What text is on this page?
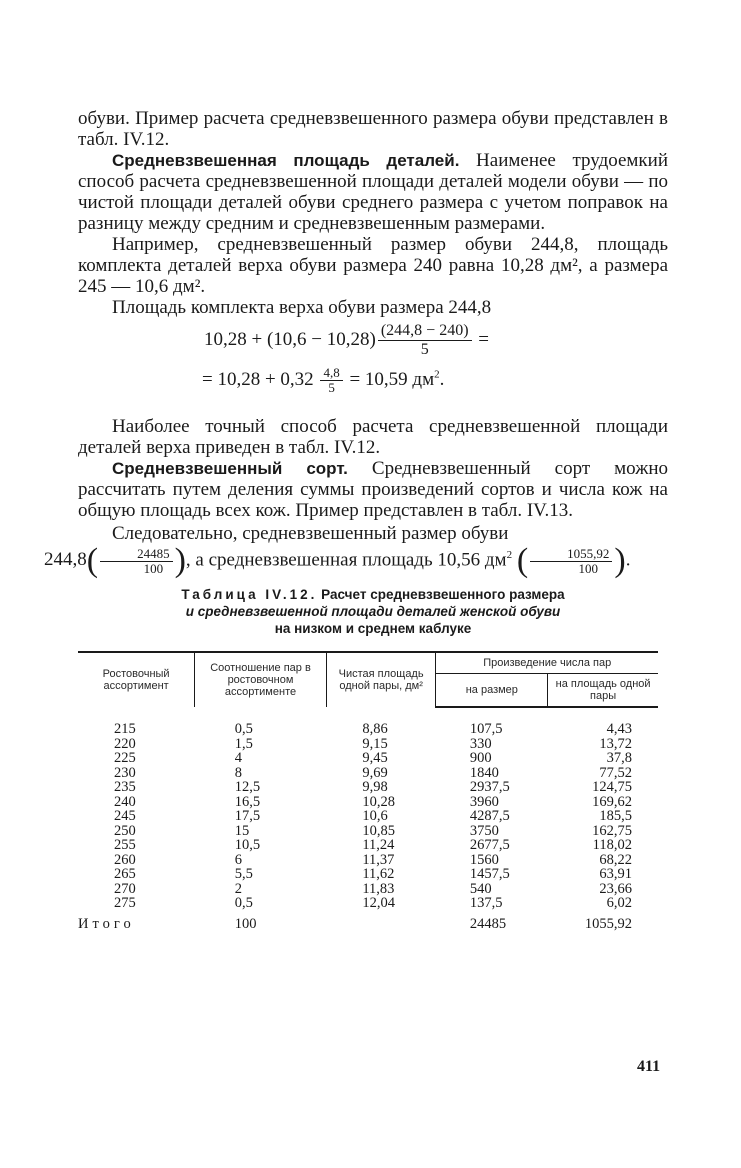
обуви. Пример расчета средневзвешенного размера обуви представлен в табл. IV.12.

Средневзвешенная площадь деталей. Наименее трудоемкий способ расчета средневзвешенной площади деталей модели обуви — по чистой площади деталей обуви среднего размера с учетом поправок на разницу между средним и средневзвешенным размерами.

Например, средневзвешенный размер обуви 244,8, площадь комплекта деталей верха обуви размера 240 равна 10,28 дм², а размера 245 — 10,6 дм².

Площадь комплекта верха обуви размера 244,8

$10,28 + (10,6 - 10,28) \frac{(244,8 - 240)}{5}$ =
= $10,28 + 0,32 \frac{4,8}{5} = 10,59$ $дм^2$.

Наиболее точный способ расчета средневзвешенной площади деталей верха приведен в табл. IV.12.

Средневзвешенный сорт. Средневзвешенный сорт можно рассчитать путем деления суммы произведений сортов и числа кож на общую площадь всех кож. Пример представлен в табл. IV.13.

Следовательно, средневзвешенный размер обуви
$244,8( \frac{24485}{100}$ ), а средневзвешенная площадь 10,56 $дм^2$ ( $\frac{1055,92}{100}$ ).

Таблица IV.12. Расчет средневзвешенного размера
и средневзвешенной площади деталей женской обуви
на низком и среднем каблуке
Ростовочный ассортимент	Соотношение пар в ростовочном ассортименте	Чистая площадь одной пары, дм²	Произведение числа пар	
			на размер	на площадь одной пары
215	0,5	8,86	107,5	4,43
220	1,5	9,15	330	13,72
225	4	9,45	900	37,8
230	8	9,69	1840	77,52
235	12,5	9,98	2937,5	124,75
240	16,5	10,28	3960	169,62
245	17,5	10,6	4287,5	185,5
250	15	10,85	3750	162,75
255	10,5	11,24	2677,5	118,02
260	6	11,37	1560	68,22
265	5,5	11,62	1457,5	63,91
270	2	11,83	540	23,66
275	0,5	12,04	137,5	6,02
Итого	100		24485	1055,92
411
